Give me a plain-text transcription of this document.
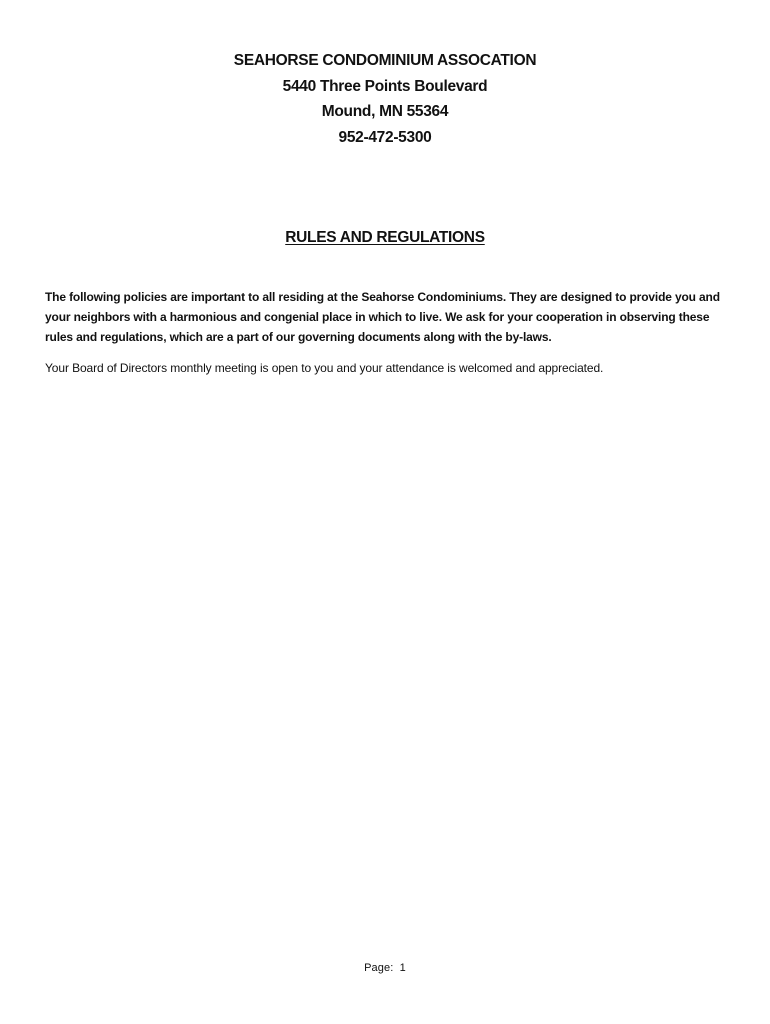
SEAHORSE CONDOMINIUM ASSOCATION
5440 Three Points Boulevard
Mound, MN 55364
952-472-5300
RULES AND REGULATIONS

The following policies are important to all residing at the Seahorse Condominiums. They are designed to provide you and your neighbors with a harmonious and congenial place in which to live. We ask for your cooperation in observing these rules and regulations, which are a part of our governing documents along with the by-laws.

Your Board of Directors monthly meeting is open to you and your attendance is welcomed and appreciated.

Page: 1
